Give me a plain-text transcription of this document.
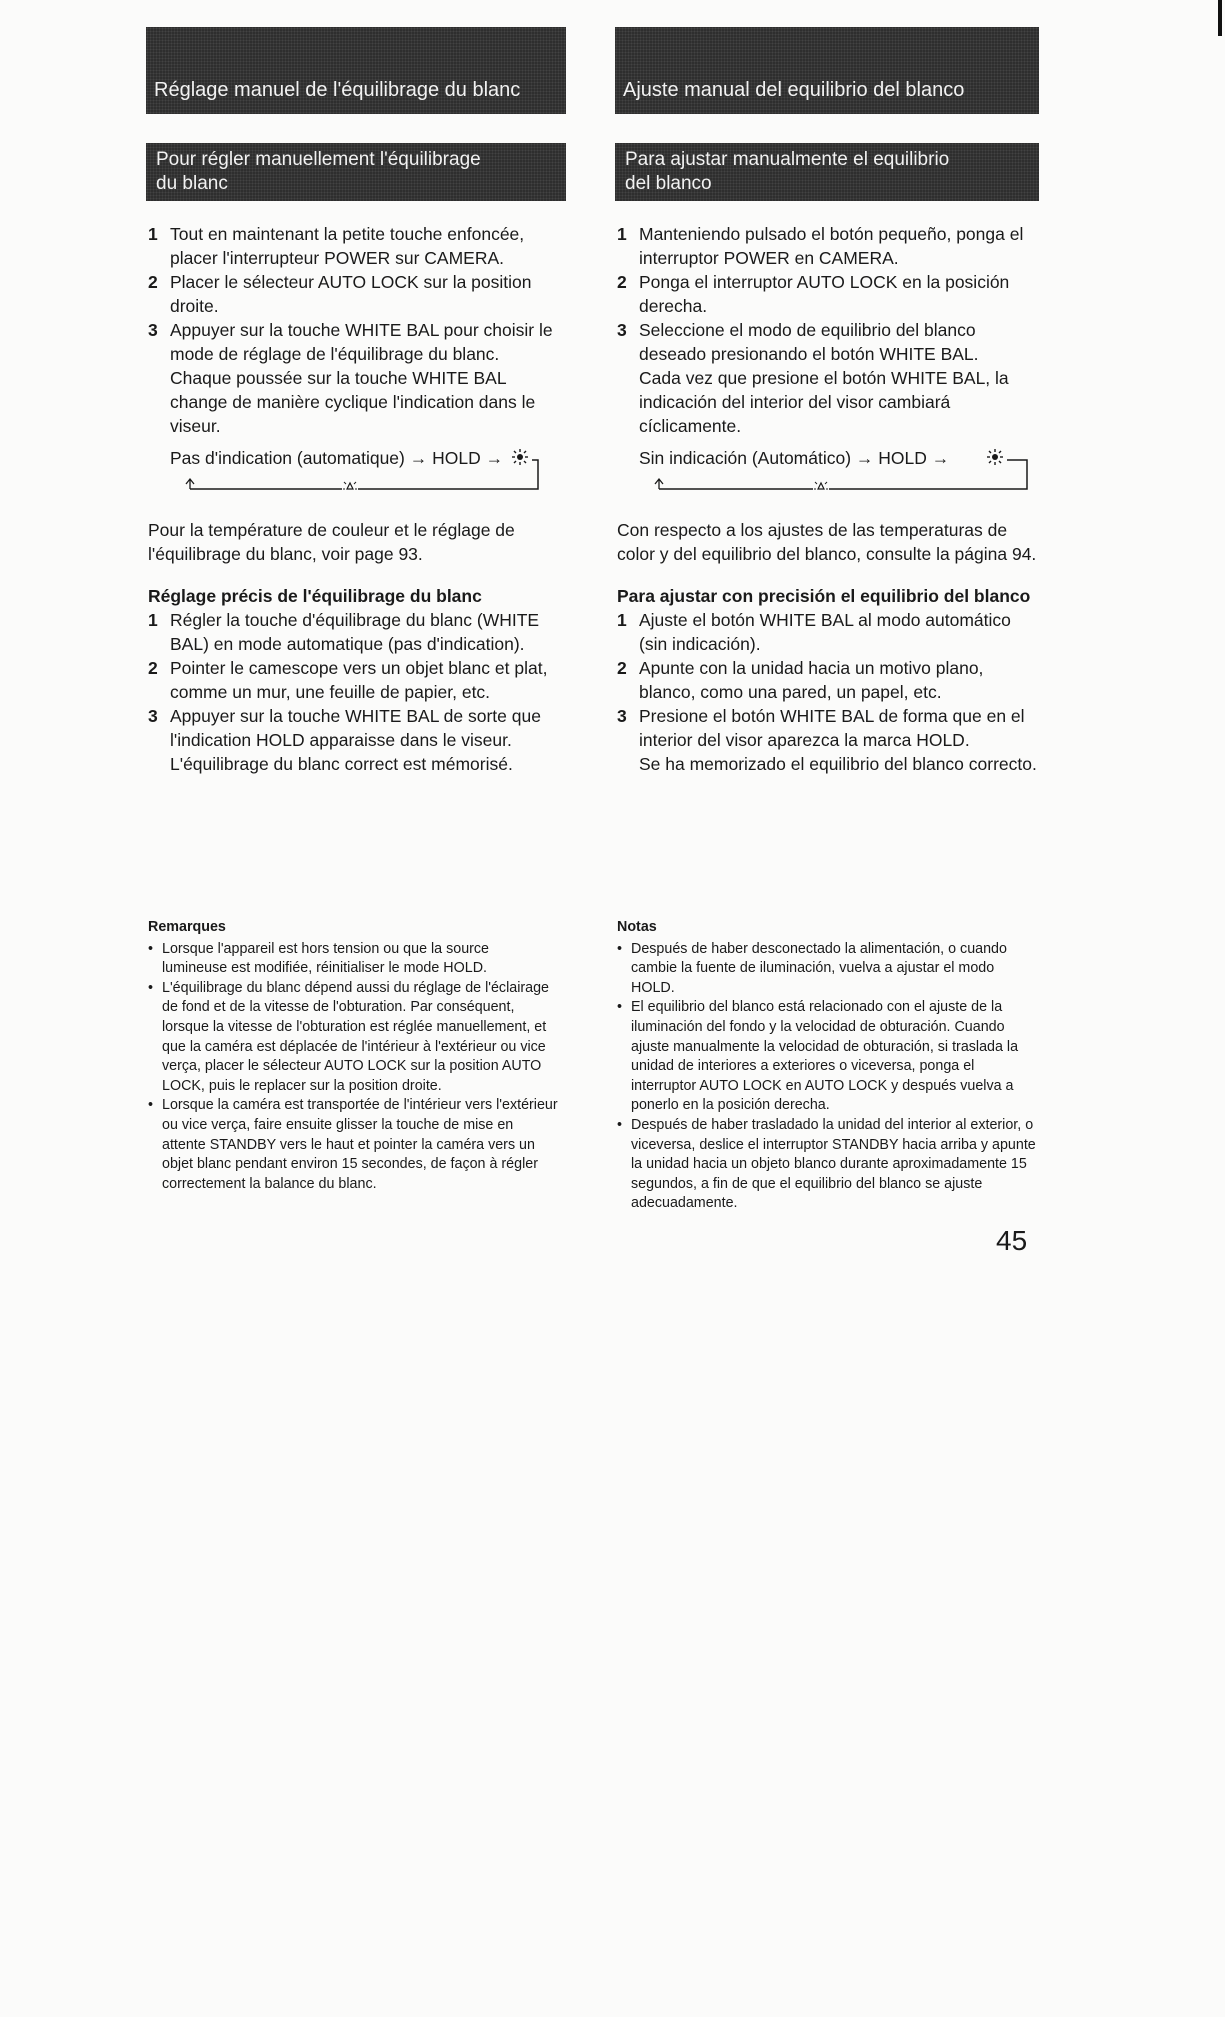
Réglage manuel de l'équilibrage du blanc
Pour régler manuellement l'équilibrage
du blanc
1 Tout en maintenant la petite touche enfoncée, placer l'interrupteur POWER sur CAMERA.

2 Placer le sélecteur AUTO LOCK sur la position droite.

3 Appuyer sur la touche WHITE BAL pour choisir le mode de réglage de l'équilibrage du blanc.

Chaque poussée sur la touche WHITE BAL change de manière cyclique l'indication dans le viseur.

Pas d'indication (automatique) → HOLD →

Pour la température de couleur et le réglage de l'équilibrage du blanc, voir page 93.

Réglage précis de l'équilibrage du blanc
1 Régler la touche d'équilibrage du blanc (WHITE BAL) en mode automatique (pas d'indication).

2 Pointer le camescope vers un objet blanc et plat, comme un mur, une feuille de papier, etc.

3 Appuyer sur la touche WHITE BAL de sorte que l'indication HOLD apparaisse dans le viseur.

L'équilibrage du blanc correct est mémorisé.

Remarques
• Lorsque l'appareil est hors tension ou que la source lumineuse est modifiée, réinitialiser le mode HOLD.
• L'équilibrage du blanc dépend aussi du réglage de l'éclairage de fond et de la vitesse de l'obturation. Par conséquent, lorsque la vitesse de l'obturation est réglée manuellement, et que la caméra est déplacée de l'intérieur à l'extérieur ou vice verça, placer le sélecteur AUTO LOCK sur la position AUTO LOCK, puis le replacer sur la position droite.
• Lorsque la caméra est transportée de l'intérieur vers l'extérieur ou vice verça, faire ensuite glisser la touche de mise en attente STANDBY vers le haut et pointer la caméra vers un objet blanc pendant environ 15 secondes, de façon à régler correctement la balance du blanc.
Ajuste manual del equilibrio del blanco
Para ajustar manualmente el equilibrio
del blanco
1 Manteniendo pulsado el botón pequeño, ponga el interruptor POWER en CAMERA.

2 Ponga el interruptor AUTO LOCK en la posición derecha.

3 Seleccione el modo de equilibrio del blanco deseado presionando el botón WHITE BAL.

Cada vez que presione el botón WHITE BAL, la indicación del interior del visor cambiará cíclicamente.

Sin indicación (Automático) → HOLD →

Con respecto a los ajustes de las temperaturas de color y del equilibrio del blanco, consulte la página 94.

Para ajustar con precisión el equilibrio del blanco
1 Ajuste el botón WHITE BAL al modo automático (sin indicación).

2 Apunte con la unidad hacia un motivo plano, blanco, como una pared, un papel, etc.

3 Presione el botón WHITE BAL de forma que en el interior del visor aparezca la marca HOLD.

Se ha memorizado el equilibrio del blanco correcto.

Notas
• Después de haber desconectado la alimentación, o cuando cambie la fuente de iluminación, vuelva a ajustar el modo HOLD.
• El equilibrio del blanco está relacionado con el ajuste de la iluminación del fondo y la velocidad de obturación. Cuando ajuste manualmente la velocidad de obturación, si traslada la unidad de interiores a exteriores o viceversa, ponga el interruptor AUTO LOCK en AUTO LOCK y después vuelva a ponerlo en la posición derecha.
• Después de haber trasladado la unidad del interior al exterior, o viceversa, deslice el interruptor STANDBY hacia arriba y apunte la unidad hacia un objeto blanco durante aproximadamente 15 segundos, a fin de que el equilibrio del blanco se ajuste adecuadamente.
45
